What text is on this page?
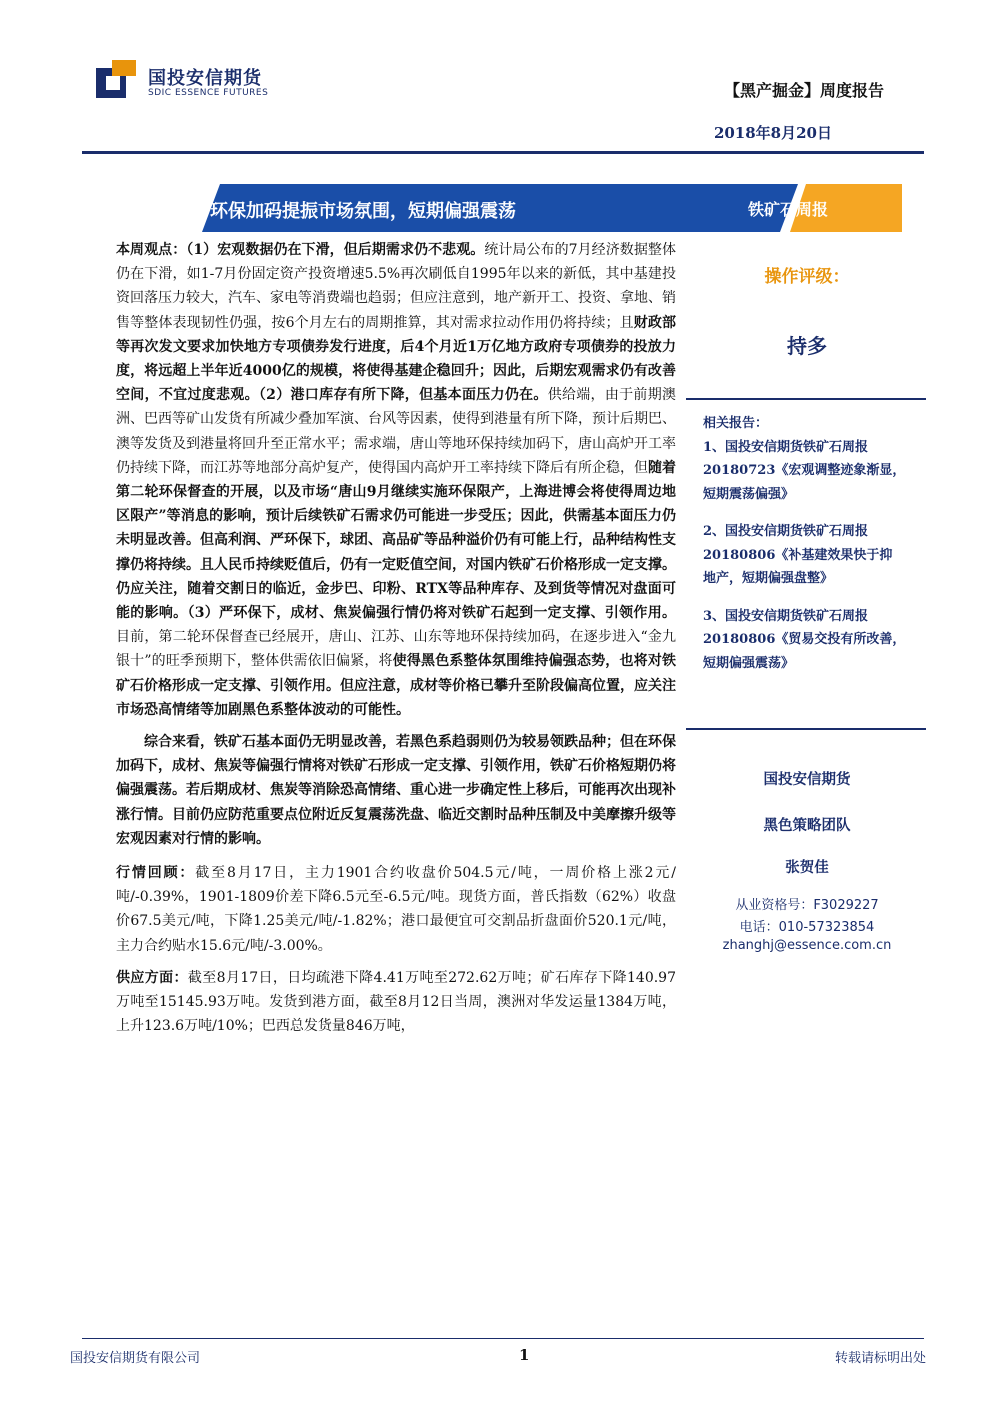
国投安信期货
SDIC ESSENCE FUTURES	【黑产掘金】周度报告
2018年8月20日
环保加码提振市场氛围，短期偏强震荡	铁矿石周报

本周观点：（1）宏观数据仍在下滑，但后期需求仍不悲观。统计局公布的7月经济数据整体仍在下滑，如1-7月份固定资产投资增速5.5%再次刷低自1995年以来的新低，其中基建投资回落压力较大，汽车、家电等消费端也趋弱；但应注意到，地产新开工、投资、拿地、销售等整体表现韧性仍强，按6个月左右的周期推算，其对需求拉动作用仍将持续；且财政部等再次发文要求加快地方专项债券发行进度，后4个月近1万亿地方政府专项债券的投放力度，将远超上半年近4000亿的规模，将使得基建企稳回升；因此，后期宏观需求仍有改善空间，不宜过度悲观。（2）港口库存有所下降，但基本面压力仍在。供给端，由于前期澳洲、巴西等矿山发货有所减少叠加军演、台风等因素，使得到港量有所下降，预计后期巴、澳等发货及到港量将回升至正常水平；需求端，唐山等地环保持续加码下，唐山高炉开工率仍持续下降，而江苏等地部分高炉复产，使得国内高炉开工率持续下降后有所企稳，但随着第二轮环保督查的开展，以及市场“唐山9月继续实施环保限产，上海进博会将使得周边地区限产”等消息的影响，预计后续铁矿石需求仍可能进一步受压；因此，供需基本面压力仍未明显改善。但高利润、严环保下，球团、高品矿等品种溢价仍有可能上行，品种结构性支撑仍将持续。且人民币持续贬值后，仍有一定贬值空间，对国内铁矿石价格形成一定支撑。仍应关注，随着交割日的临近，金步巴、印粉、RTX等品种库存、及到货等情况对盘面可能的影响。（3）严环保下，成材、焦炭偏强行情仍将对铁矿石起到一定支撑、引领作用。目前，第二轮环保督查已经展开，唐山、江苏、山东等地环保持续加码，在逐步进入“金九银十”的旺季预期下，整体供需依旧偏紧，将使得黑色系整体氛围维持偏强态势，也将对铁矿石价格形成一定支撑、引领作用。但应注意，成材等价格已攀升至阶段偏高位置，应关注市场恐高情绪等加剧黑色系整体波动的可能性。

综合来看，铁矿石基本面仍无明显改善，若黑色系趋弱则仍为较易领跌品种；但在环保加码下，成材、焦炭等偏强行情将对铁矿石形成一定支撑、引领作用，铁矿石价格短期仍将偏强震荡。若后期成材、焦炭等消除恐高情绪、重心进一步确定性上移后，可能再次出现补涨行情。目前仍应防范重要点位附近反复震荡洗盘、临近交割时品种压制及中美摩擦升级等宏观因素对行情的影响。

行情回顾：截至8月17日，主力1901合约收盘价504.5元/吨，一周价格上涨2元/吨/-0.39%，1901-1809价差下降6.5元至-6.5元/吨。现货方面，普氏指数（62%）收盘价67.5美元/吨，下降1.25美元/吨/-1.82%；港口最便宜可交割品折盘面价520.1元/吨，主力合约贴水15.6元/吨/-3.00%。

供应方面：截至8月17日，日均疏港下降4.41万吨至272.62万吨；矿石库存下降140.97万吨至15145.93万吨。发货到港方面，截至8月12日当周，澳洲对华发运量1384万吨，上升123.6万吨/10%；巴西总发货量846万吨，

操作评级：
持多
相关报告：
1、国投安信期货铁矿石周报
20180723《宏观调整迹象渐显，
短期震荡偏强》
2、国投安信期货铁矿石周报
20180806《补基建效果快于抑
地产，短期偏强盘整》
3、国投安信期货铁矿石周报
20180806《贸易交投有所改善，
短期偏强震荡》
国投安信期货
黑色策略团队
张贺佳
从业资格号：F3029227
电话：010-57323854
zhanghj@essence.com.cn
国投安信期货有限公司	1	转载请标明出处
